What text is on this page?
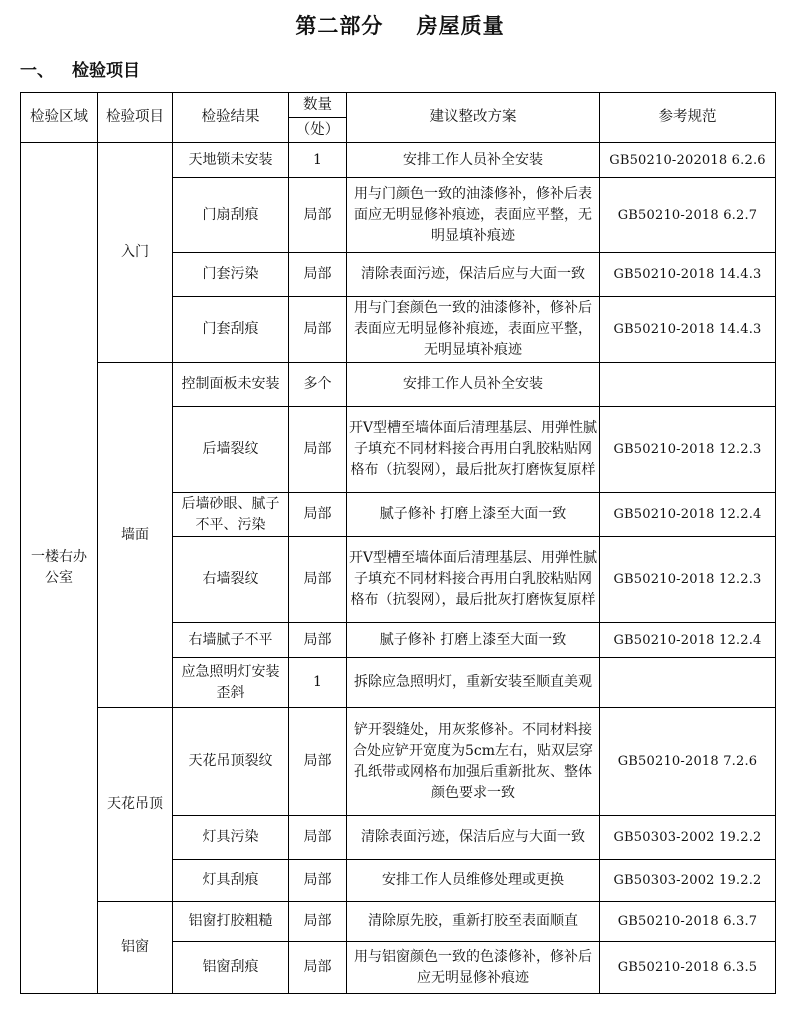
第二部分    房屋质量
一、 检验项目
检验区域	检验项目	检验结果	数量	建议整改方案	参考规范
			（处）		
一楼右办公室	入门	天地锁未安装	1	安排工作人员补全安装	GB50210-202018 6.2.6
		门扇刮痕	局部	用与门颜色一致的油漆修补，修补后表面应无明显修补痕迹，表面应平整，无明显填补痕迹	GB50210-2018 6.2.7
		门套污染	局部	清除表面污迹，保洁后应与大面一致	GB50210-2018 14.4.3
		门套刮痕	局部	用与门套颜色一致的油漆修补，修补后表面应无明显修补痕迹，表面应平整，无明显填补痕迹	GB50210-2018 14.4.3
	墙面	控制面板未安装	多个	安排工作人员补全安装	
		后墙裂纹	局部	开V型槽至墙体面后清理基层、用弹性腻子填充不同材料接合再用白乳胶粘贴网格布（抗裂网），最后批灰打磨恢复原样	GB50210-2018 12.2.3
		后墙砂眼、腻子不平、污染	局部	腻子修补 打磨上漆至大面一致	GB50210-2018 12.2.4
		右墙裂纹	局部	开V型槽至墙体面后清理基层、用弹性腻子填充不同材料接合再用白乳胶粘贴网格布（抗裂网），最后批灰打磨恢复原样	GB50210-2018 12.2.3
		右墙腻子不平	局部	腻子修补 打磨上漆至大面一致	GB50210-2018 12.2.4
		应急照明灯安装歪斜	1	拆除应急照明灯，重新安装至顺直美观	
	天花吊顶	天花吊顶裂纹	局部	铲开裂缝处，用灰浆修补。不同材料接合处应铲开宽度为5cm左右，贴双层穿孔纸带或网格布加强后重新批灰、整体颜色要求一致	GB50210-2018 7.2.6
		灯具污染	局部	清除表面污迹，保洁后应与大面一致	GB50303-2002 19.2.2
		灯具刮痕	局部	安排工作人员维修处理或更换	GB50303-2002 19.2.2
	铝窗	铝窗打胶粗糙	局部	清除原先胶，重新打胶至表面顺直	GB50210-2018 6.3.7
		铝窗刮痕	局部	用与铝窗颜色一致的色漆修补，修补后应无明显修补痕迹	GB50210-2018 6.3.5
